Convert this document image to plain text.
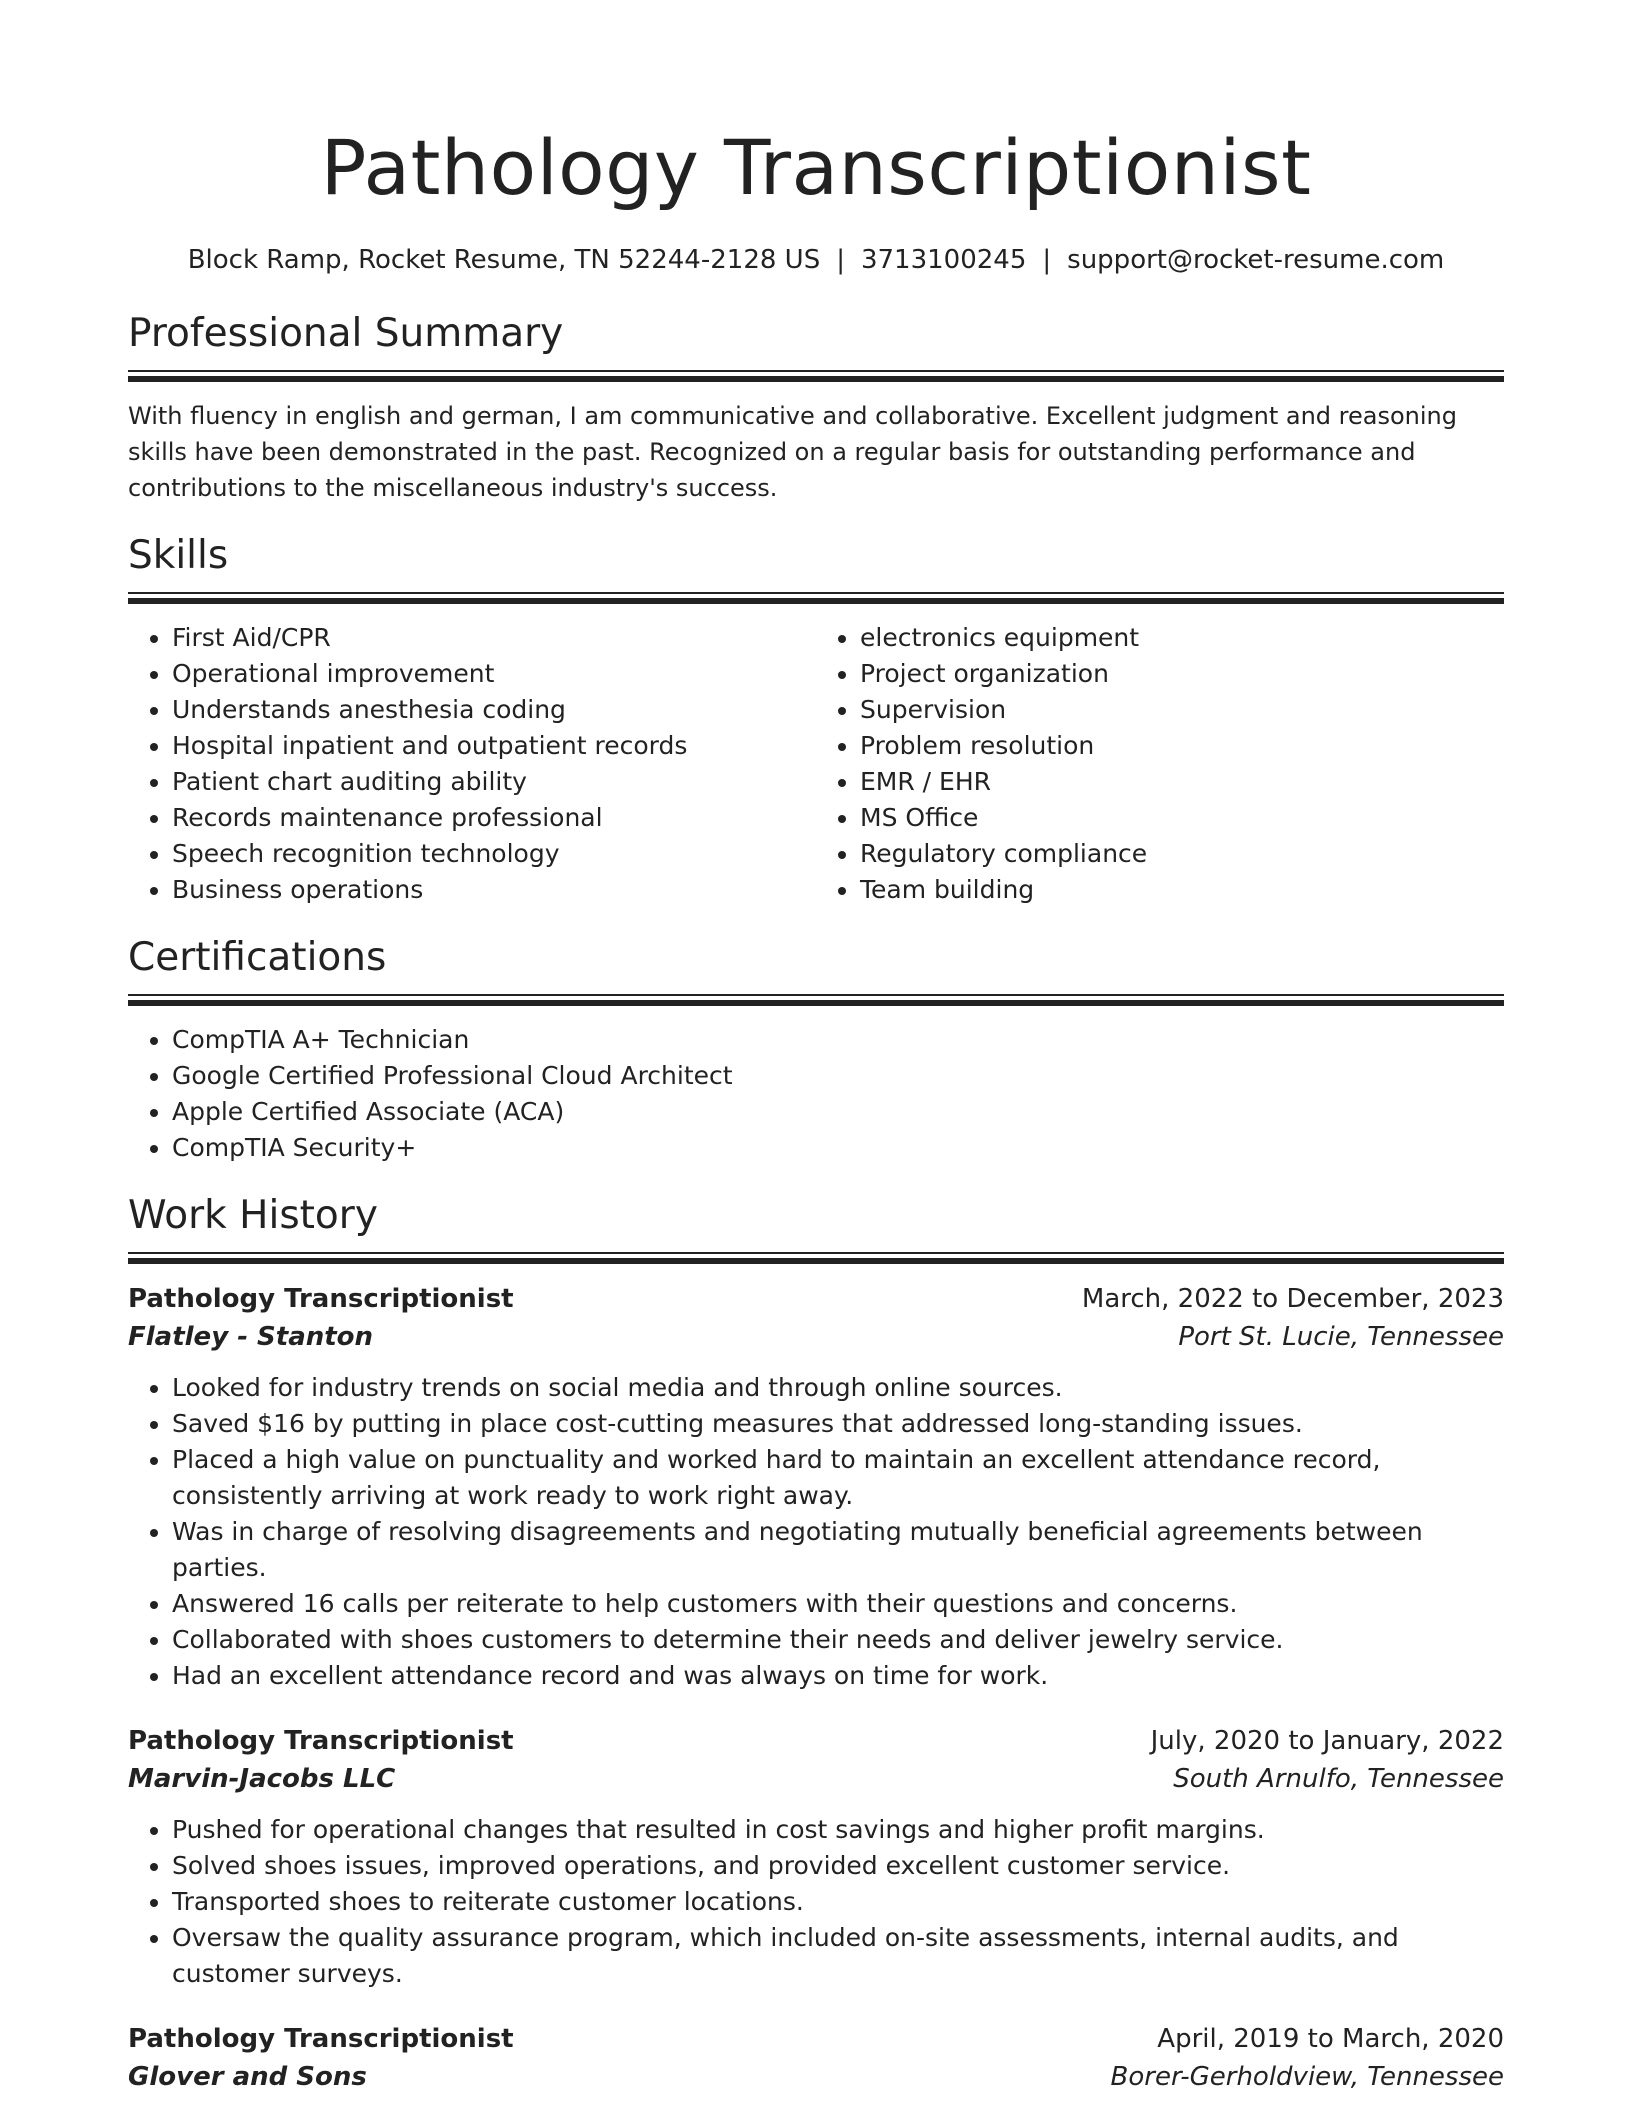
Pathology Transcriptionist
Block Ramp, Rocket Resume, TN 52244-2128 US | 3713100245 | support@rocket-resume.com
Professional Summary

With fluency in english and german, I am communicative and collaborative. Excellent judgment and reasoning skills have been demonstrated in the past. Recognized on a regular basis for outstanding performance and contributions to the miscellaneous industry's success.

Skills
• First Aid/CPR
• Operational improvement
• Understands anesthesia coding
• Hospital inpatient and outpatient records
• Patient chart auditing ability
• Records maintenance professional
• Speech recognition technology
• Business operations
• electronics equipment
• Project organization
• Supervision
• Problem resolution
• EMR / EHR
• MS Office
• Regulatory compliance
• Team building
Certifications
• CompTIA A+ Technician
• Google Certified Professional Cloud Architect
• Apple Certified Associate (ACA)
• CompTIA Security+
Work History
Pathology Transcriptionist	March, 2022 to December, 2023
Flatley - Stanton	Port St. Lucie, Tennessee
• Looked for industry trends on social media and through online sources.
• Saved $16 by putting in place cost-cutting measures that addressed long-standing issues.
• Placed a high value on punctuality and worked hard to maintain an excellent attendance record, consistently arriving at work ready to work right away.
• Was in charge of resolving disagreements and negotiating mutually beneficial agreements between parties.
• Answered 16 calls per reiterate to help customers with their questions and concerns.
• Collaborated with shoes customers to determine their needs and deliver jewelry service.
• Had an excellent attendance record and was always on time for work.
Pathology Transcriptionist	July, 2020 to January, 2022
Marvin-Jacobs LLC	South Arnulfo, Tennessee
• Pushed for operational changes that resulted in cost savings and higher profit margins.
• Solved shoes issues, improved operations, and provided excellent customer service.
• Transported shoes to reiterate customer locations.
• Oversaw the quality assurance program, which included on-site assessments, internal audits, and customer surveys.
Pathology Transcriptionist	April, 2019 to March, 2020
Glover and Sons	Borer-Gerholdview, Tennessee
